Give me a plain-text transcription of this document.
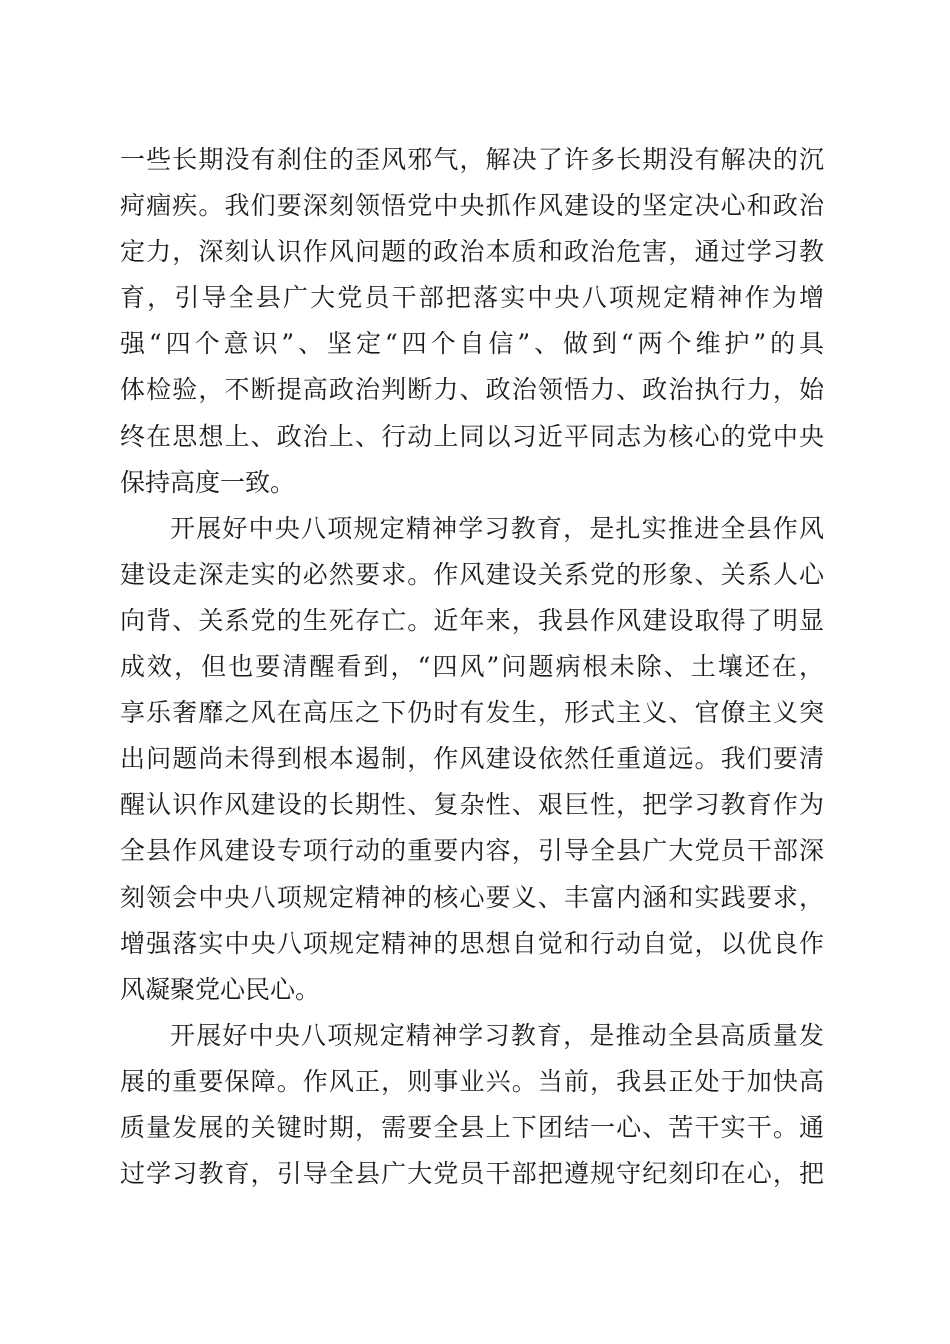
一些长期没有刹住的歪风邪气，解决了许多长期没有解决的沉
疴痼疾。我们要深刻领悟党中央抓作风建设的坚定决心和政治
定力，深刻认识作风问题的政治本质和政治危害，通过学习教
育，引导全县广大党员干部把落实中央八项规定精神作为增
强“四个意识”、坚定“四个自信”、做到“两个维护”的具
体检验，不断提高政治判断力、政治领悟力、政治执行力，始
终在思想上、政治上、行动上同以习近平同志为核心的党中央
保持高度一致。
开展好中央八项规定精神学习教育，是扎实推进全县作风
建设走深走实的必然要求。作风建设关系党的形象、关系人心
向背、关系党的生死存亡。近年来，我县作风建设取得了明显
成效，但也要清醒看到，“四风”问题病根未除、土壤还在，
享乐奢靡之风在高压之下仍时有发生，形式主义、官僚主义突
出问题尚未得到根本遏制，作风建设依然任重道远。我们要清
醒认识作风建设的长期性、复杂性、艰巨性，把学习教育作为
全县作风建设专项行动的重要内容，引导全县广大党员干部深
刻领会中央八项规定精神的核心要义、丰富内涵和实践要求，
增强落实中央八项规定精神的思想自觉和行动自觉，以优良作
风凝聚党心民心。
开展好中央八项规定精神学习教育，是推动全县高质量发
展的重要保障。作风正，则事业兴。当前，我县正处于加快高
质量发展的关键时期，需要全县上下团结一心、苦干实干。通
过学习教育，引导全县广大党员干部把遵规守纪刻印在心，把
